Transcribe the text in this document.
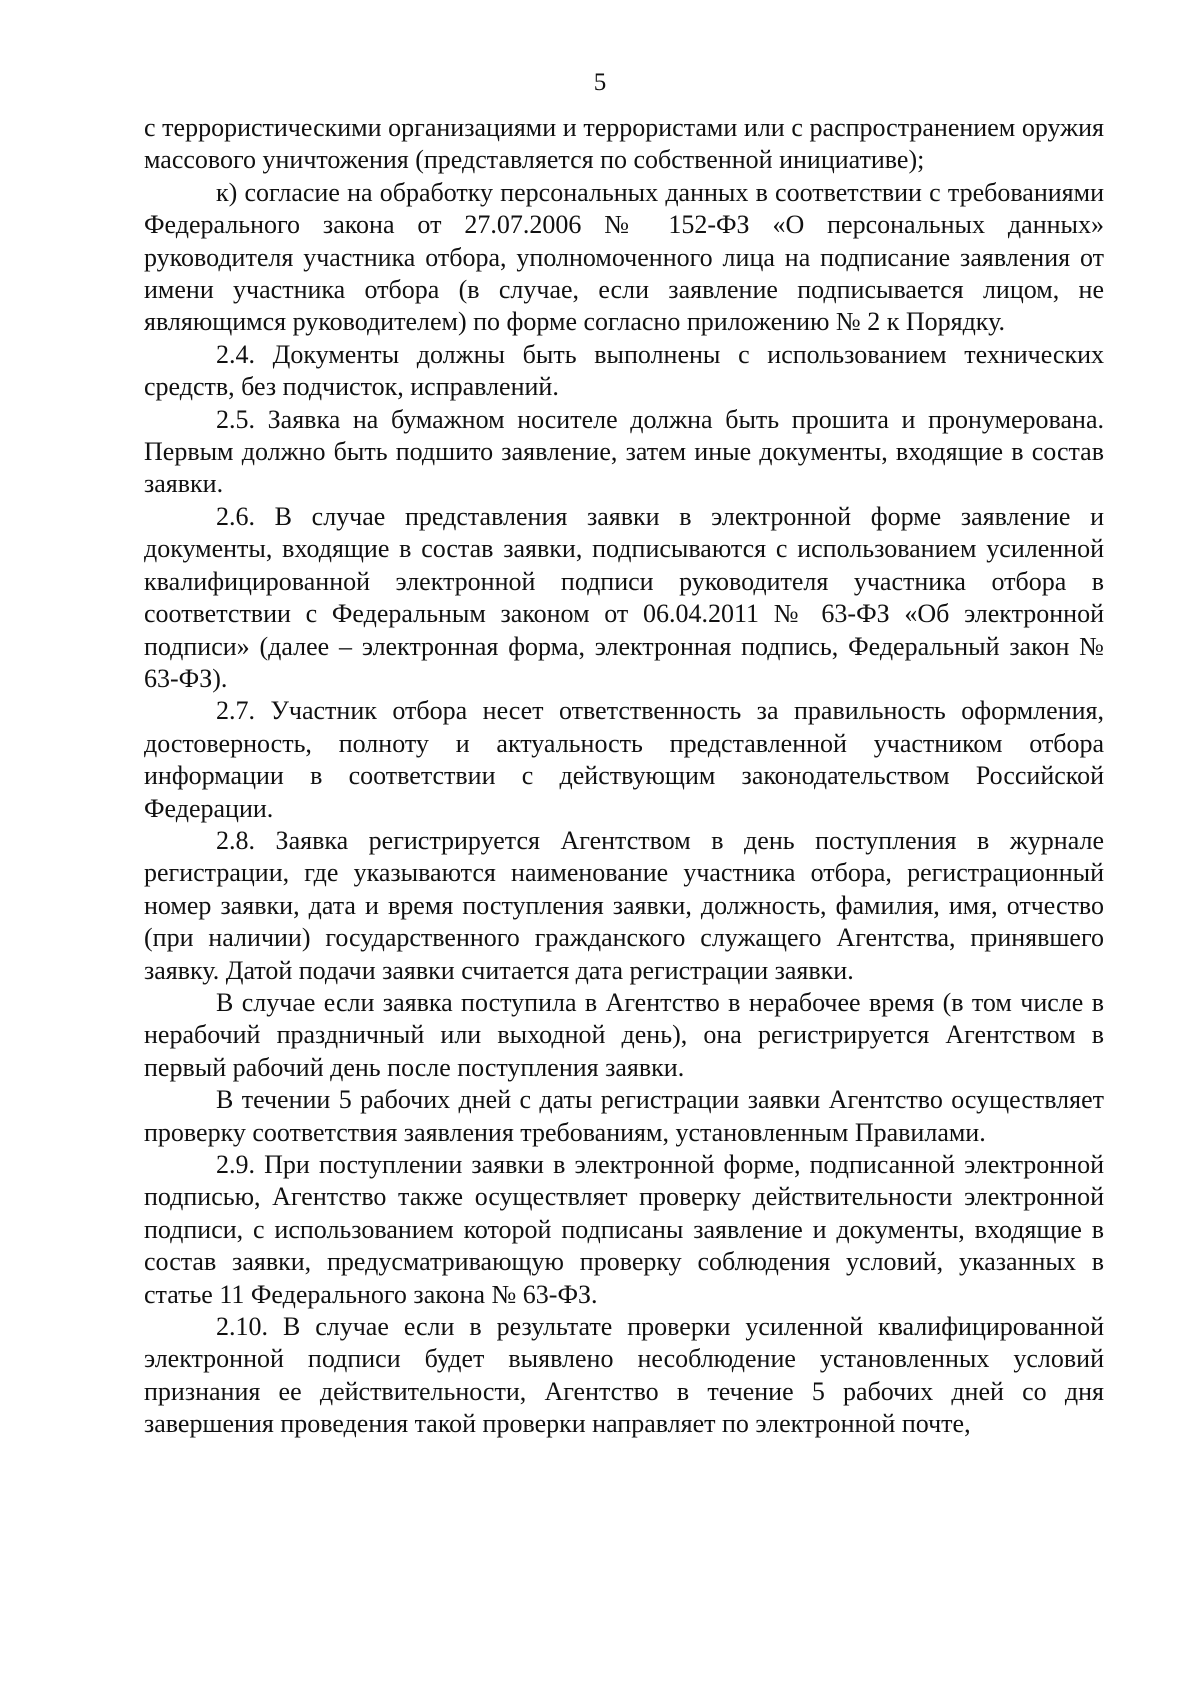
5

с террористическими организациями и террористами или с распространением оружия массового уничтожения (представляется по собственной инициативе);

к) согласие на обработку персональных данных в соответствии с требованиями Федерального закона от 27.07.2006 № 152-ФЗ «О персональных данных» руководителя участника отбора, уполномоченного лица на подписание заявления от имени участника отбора (в случае, если заявление подписывается лицом, не являющимся руководителем) по форме согласно приложению № 2 к Порядку.

2.4. Документы должны быть выполнены с использованием технических средств, без подчисток, исправлений.

2.5. Заявка на бумажном носителе должна быть прошита и пронумерована. Первым должно быть подшито заявление, затем иные документы, входящие в состав заявки.

2.6. В случае представления заявки в электронной форме заявление и документы, входящие в состав заявки, подписываются с использованием усиленной квалифицированной электронной подписи руководителя участника отбора в соответствии с Федеральным законом от 06.04.2011 № 63-ФЗ «Об электронной подписи» (далее – электронная форма, электронная подпись, Федеральный закон № 63-ФЗ).

2.7. Участник отбора несет ответственность за правильность оформления, достоверность, полноту и актуальность представленной участником отбора информации в соответствии с действующим законодательством Российской Федерации.

2.8. Заявка регистрируется Агентством в день поступления в журнале регистрации, где указываются наименование участника отбора, регистрационный номер заявки, дата и время поступления заявки, должность, фамилия, имя, отчество (при наличии) государственного гражданского служащего Агентства, принявшего заявку. Датой подачи заявки считается дата регистрации заявки.

В случае если заявка поступила в Агентство в нерабочее время (в том числе в нерабочий праздничный или выходной день), она регистрируется Агентством в первый рабочий день после поступления заявки.

В течении 5 рабочих дней с даты регистрации заявки Агентство осуществляет проверку соответствия заявления требованиям, установленным Правилами.

2.9. При поступлении заявки в электронной форме, подписанной электронной подписью, Агентство также осуществляет проверку действительности электронной подписи, с использованием которой подписаны заявление и документы, входящие в состав заявки, предусматривающую проверку соблюдения условий, указанных в статье 11 Федерального закона № 63-ФЗ.

2.10. В случае если в результате проверки усиленной квалифицированной электронной подписи будет выявлено несоблюдение установленных условий признания ее действительности, Агентство в течение 5 рабочих дней со дня завершения проведения такой проверки направляет по электронной почте,
